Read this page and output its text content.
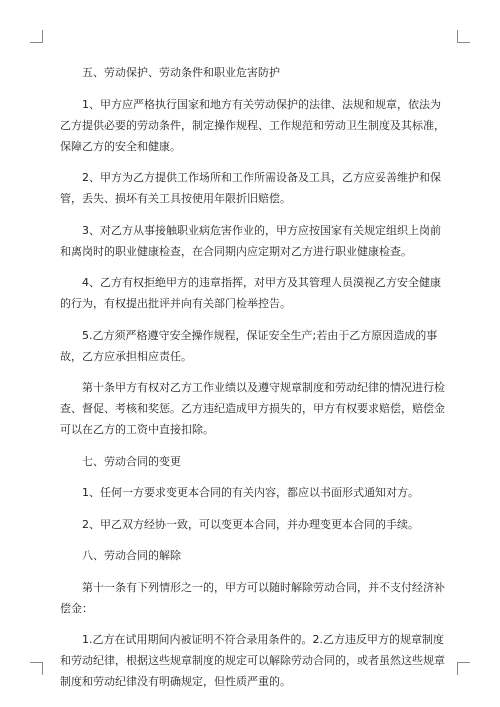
五、劳动保护、劳动条件和职业危害防护

1、甲方应严格执行国家和地方有关劳动保护的法律、法规和规章，依法为乙方提供必要的劳动条件，制定操作规程、工作规范和劳动卫生制度及其标准，保障乙方的安全和健康。

2、甲方为乙方提供工作场所和工作所需设备及工具，乙方应妥善维护和保管，丢失、损坏有关工具按使用年限折旧赔偿。

3、对乙方从事接触职业病危害作业的，甲方应按国家有关规定组织上岗前和离岗时的职业健康检查，在合同期内应定期对乙方进行职业健康检查。

4、乙方有权拒绝甲方的违章指挥，对甲方及其管理人员漠视乙方安全健康的行为，有权提出批评并向有关部门检举控告。

5.乙方须严格遵守安全操作规程，保证安全生产;若由于乙方原因造成的事故，乙方应承担相应责任。

第十条甲方有权对乙方工作业绩以及遵守规章制度和劳动纪律的情况进行检查、督促、考核和奖惩。乙方违纪造成甲方损失的，甲方有权要求赔偿，赔偿金可以在乙方的工资中直接扣除。

七、劳动合同的变更

1、任何一方要求变更本合同的有关内容，都应以书面形式通知对方。

2、甲乙双方经协一致，可以变更本合同，并办理变更本合同的手续。

八、劳动合同的解除

第十一条有下列情形之一的，甲方可以随时解除劳动合同，并不支付经济补偿金：

1.乙方在试用期间内被证明不符合录用条件的。2.乙方违反甲方的规章制度和劳动纪律，根据这些规章制度的规定可以解除劳动合同的，或者虽然这些规章制度和劳动纪律没有明确规定，但性质严重的。
